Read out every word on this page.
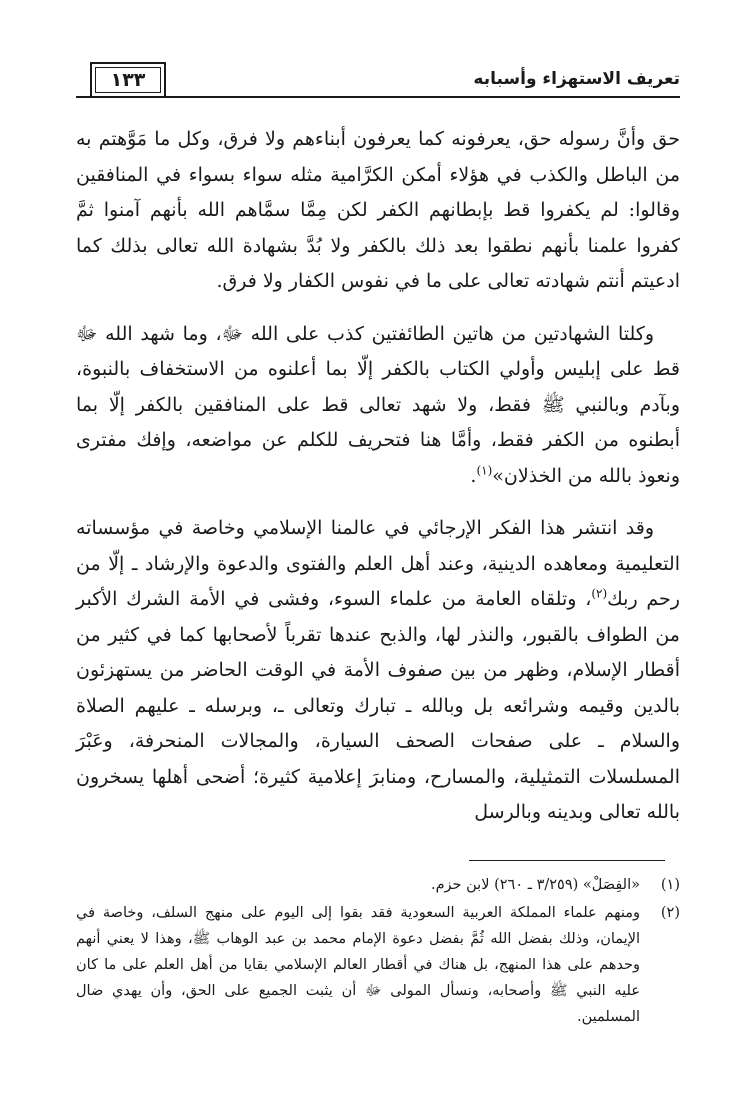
تعريف الاستهزاء وأسبابه
١٣٣

حق وأنَّ رسوله حق، يعرفونه كما يعرفون أبناءهم ولا فرق، وكل ما مَوَّهتم به من الباطل والكذب في هؤلاء أمكن الكرَّامية مثله سواء بسواء في المنافقين وقالوا: لم يكفروا قط بإبطانهم الكفر لكن مِمَّا سمَّاهم الله بأنهم آمنوا ثمَّ كفروا علمنا بأنهم نطقوا بعد ذلك بالكفر ولا بُدَّ بشهادة الله تعالى بذلك كما ادعيتم أنتم شهادته تعالى على ما في نفوس الكفار ولا فرق.

وكلتا الشهادتين من هاتين الطائفتين كذب على الله ﷻ، وما شهد الله ﷻ قط على إبليس وأولي الكتاب بالكفر إلّا بما أعلنوه من الاستخفاف بالنبوة، وبآدم وبالنبي ﷺ فقط، ولا شهد تعالى قط على المنافقين بالكفر إلّا بما أبطنوه من الكفر فقط، وأمَّا هنا فتحريف للكلم عن مواضعه، وإفك مفترى ونعوذ بالله من الخذلان»$^{(١)}$.

وقد انتشر هذا الفكر الإرجائي في عالمنا الإسلامي وخاصة في مؤسساته التعليمية ومعاهده الدينية، وعند أهل العلم والفتوى والدعوة والإرشاد ـ إلّا من رحم ربك$^{(٢)}$، وتلقاه العامة من علماء السوء، وفشى في الأمة الشرك الأكبر من الطواف بالقبور، والنذر لها، والذبح عندها تقرباً لأصحابها كما في كثير من أقطار الإسلام، وظهر من بين صفوف الأمة في الوقت الحاضر من يستهزئون بالدين وقيمه وشرائعه بل وبالله ـ تبارك وتعالى ـ، وبرسله ـ عليهم الصلاة والسلام ـ على صفحات الصحف السيارة، والمجالات المنحرفة، وعَبْرَ المسلسلات التمثيلية، والمسارح، ومنابرَ إعلامية كثيرة؛ أضحى أهلها يسخرون بالله تعالى وبدينه وبالرسل

(١)
«الفِصَلْ» (٣/٢٥٩ ـ ٢٦٠) لابن حزم.
(٢)
ومنهم علماء المملكة العربية السعودية فقد بقوا إلى اليوم على منهج السلف، وخاصة في الإيمان، وذلك بفضل الله ثُمَّ بفضل دعوة الإمام محمد بن عبد الوهاب ﷺ، وهذا لا يعني أنهم وحدهم على هذا المنهج، بل هناك في أقطار العالم الإسلامي بقايا من أهل العلم على ما كان عليه النبي ﷺ وأصحابه، ونسأل المولى ﷻ أن يثبت الجميع على الحق، وأن يهدي ضال المسلمين.
